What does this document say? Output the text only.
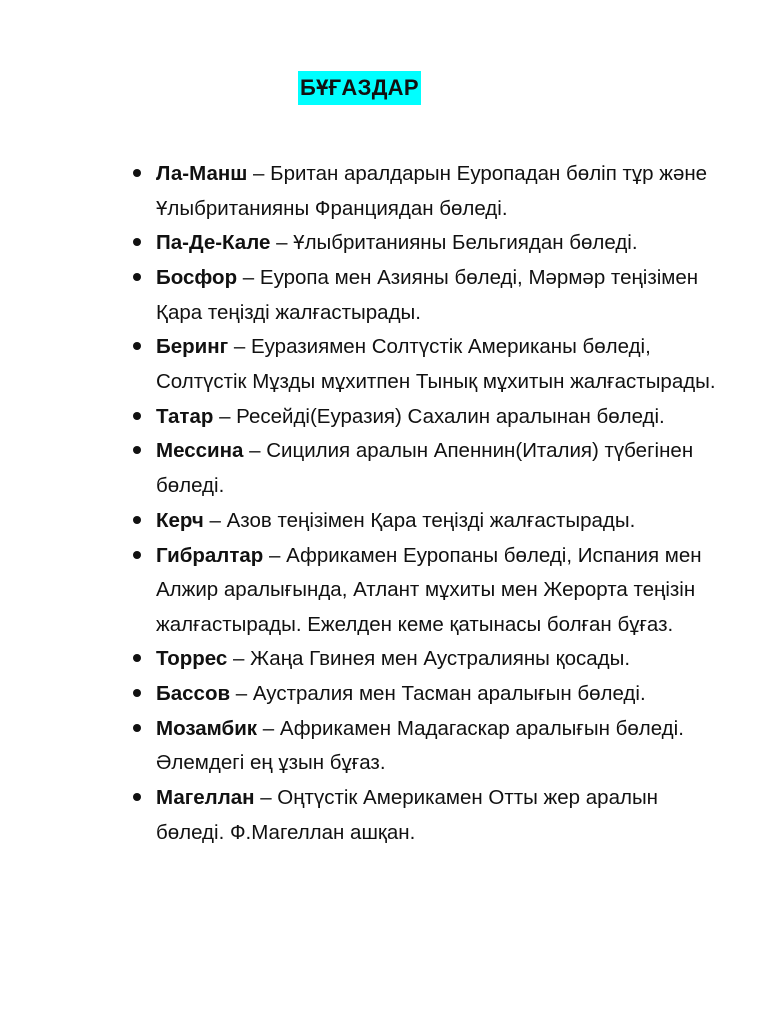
БҰҒАЗДАР
Ла-Манш – Британ аралдарын Еуропадан бөліп тұр және Ұлыбританияны Франциядан бөледі.
Па-Де-Кале – Ұлыбританияны Бельгиядан бөледі.
Босфор – Еуропа мен Азияны бөледі, Мәрмәр теңізімен Қара теңізді жалғастырады.
Беринг – Еуразиямен Солтүстік Американы бөледі, Солтүстік Мұзды мұхитпен Тынық мұхитын жалғастырады.
Татар – Ресейді(Еуразия) Сахалин аралынан бөледі.
Мессина – Сицилия аралын Апеннин(Италия) түбегінен бөледі.
Керч – Азов теңізімен Қара теңізді жалғастырады.
Гибралтар – Африкамен Еуропаны бөледі, Испания мен Алжир аралығында, Атлант мұхиты мен Жерорта теңізін жалғастырады. Ежелден кеме қатынасы болған бұғаз.
Торрес – Жаңа Гвинея мен Аустралияны қосады.
Бассов – Аустралия мен Тасман аралығын бөледі.
Мозамбик – Африкамен Мадагаскар аралығын бөледі. Әлемдегі ең ұзын бұғаз.
Магеллан – Оңтүстік Америкамен Отты жер аралын бөледі. Ф.Магеллан ашқан.
